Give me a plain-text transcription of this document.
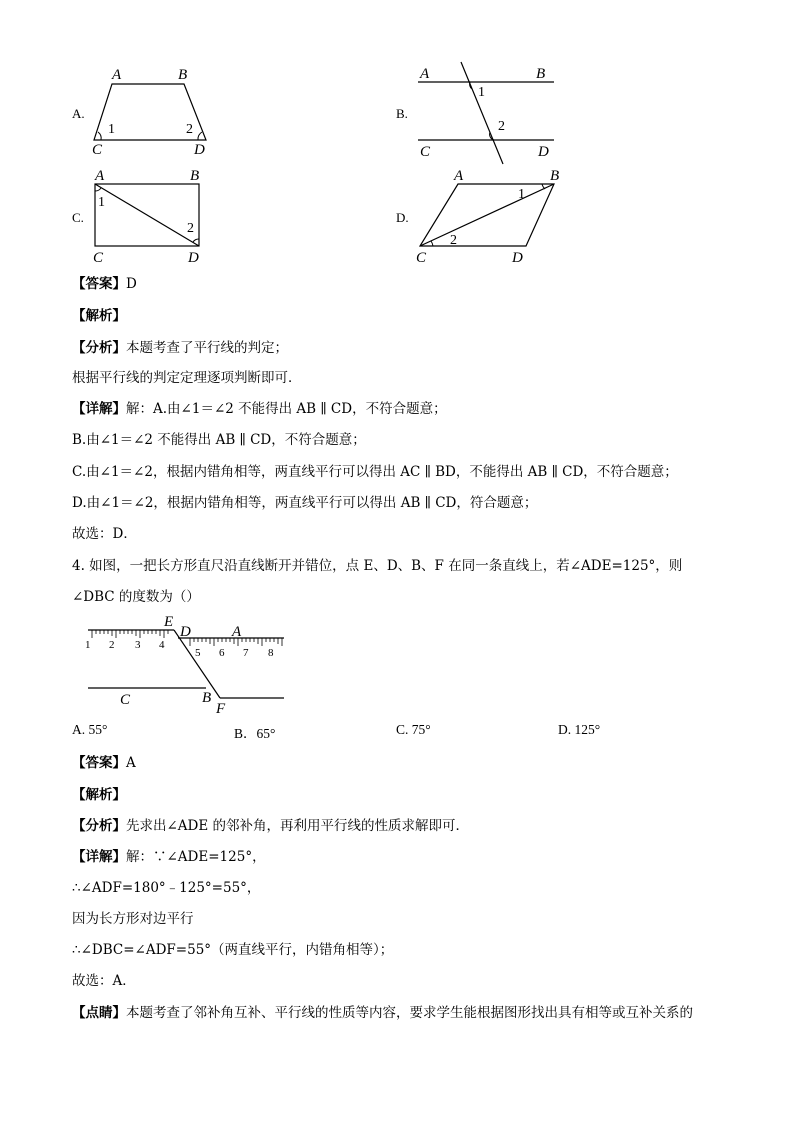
A.
A	B
C	D
1	2
B.
A	B
C	D
1
2
C.
A	B
C	D
1
2
D.
A	B
C	D
1
2
【答案】D
【解析】
【分析】本题考查了平行线的判定；
根据平行线的判定定理逐项判断即可．
【详解】解：A.由∠1＝∠2 不能得出 AB ∥ CD，不符合题意；
B.由∠1＝∠2 不能得出 AB ∥ CD，不符合题意；
C.由∠1＝∠2，根据内错角相等，两直线平行可以得出 AC ∥ BD，不能得出 AB ∥ CD，不符合题意；
D.由∠1＝∠2，根据内错角相等，两直线平行可以得出 AB ∥ CD，符合题意；
故选：D．
4. 如图，一把长方形直尺沿直线断开并错位，点 E、D、B、F 在同一条直线上，若∠ADE=125°，则
∠DBC 的度数为（）
1 2 3 4
5 6 7 8
E
D	A
C	B
F
A. 55°	B．65°	C. 75°	D. 125°
【答案】A
【解析】
【分析】先求出∠ADE 的邻补角，再利用平行线的性质求解即可．
【详解】解：∵∠ADE=125°，
∴∠ADF=180°﹣125°=55°，
因为长方形对边平行
∴∠DBC=∠ADF=55°（两直线平行，内错角相等）；
故选：A．
【点睛】本题考查了邻补角互补、平行线的性质等内容，要求学生能根据图形找出具有相等或互补关系的
